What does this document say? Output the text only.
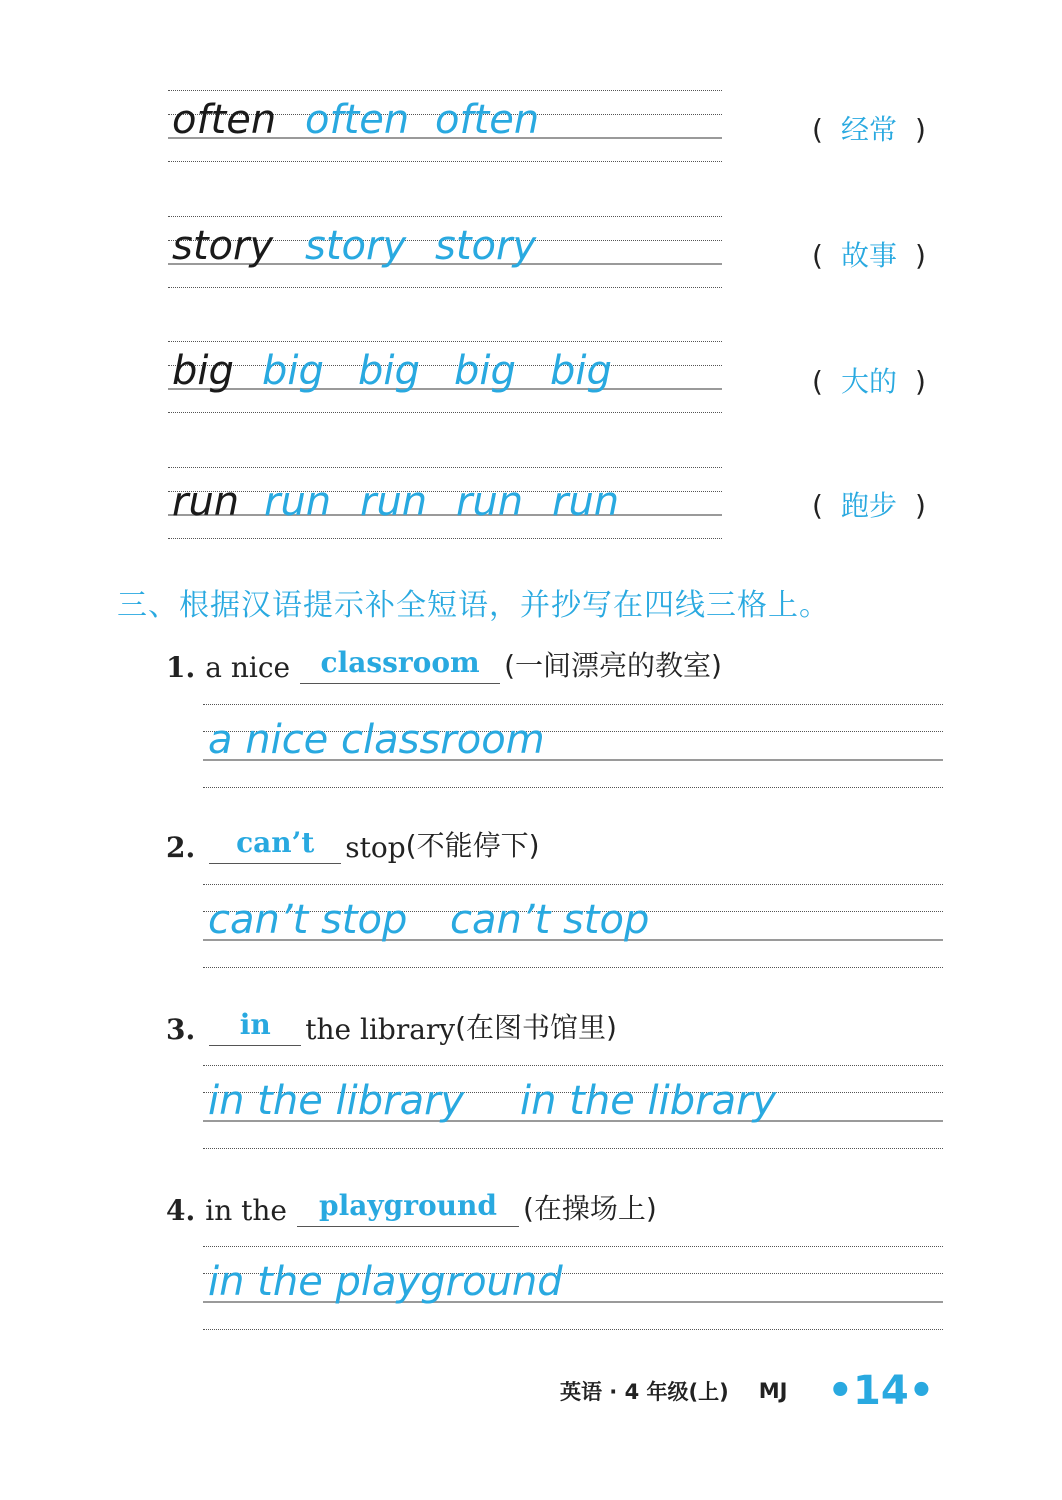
often often often	( 经常 )
story story story	( 故事 )
big big big big big	( 大的 )
run run run run run	( 跑步 )
三、根据汉语提示补全短语，并抄写在四线三格上。
1. a nice	classroom (一间漂亮的教室)
a nice classroom
2.	can’t	stop (不能停下)
can’t stop can’t stop
3.	in	the library (在图书馆里)
in the library in the library
4. in the	playground (在操场上)
in the playground
英语 · 4 年级(上) MJ •14•
